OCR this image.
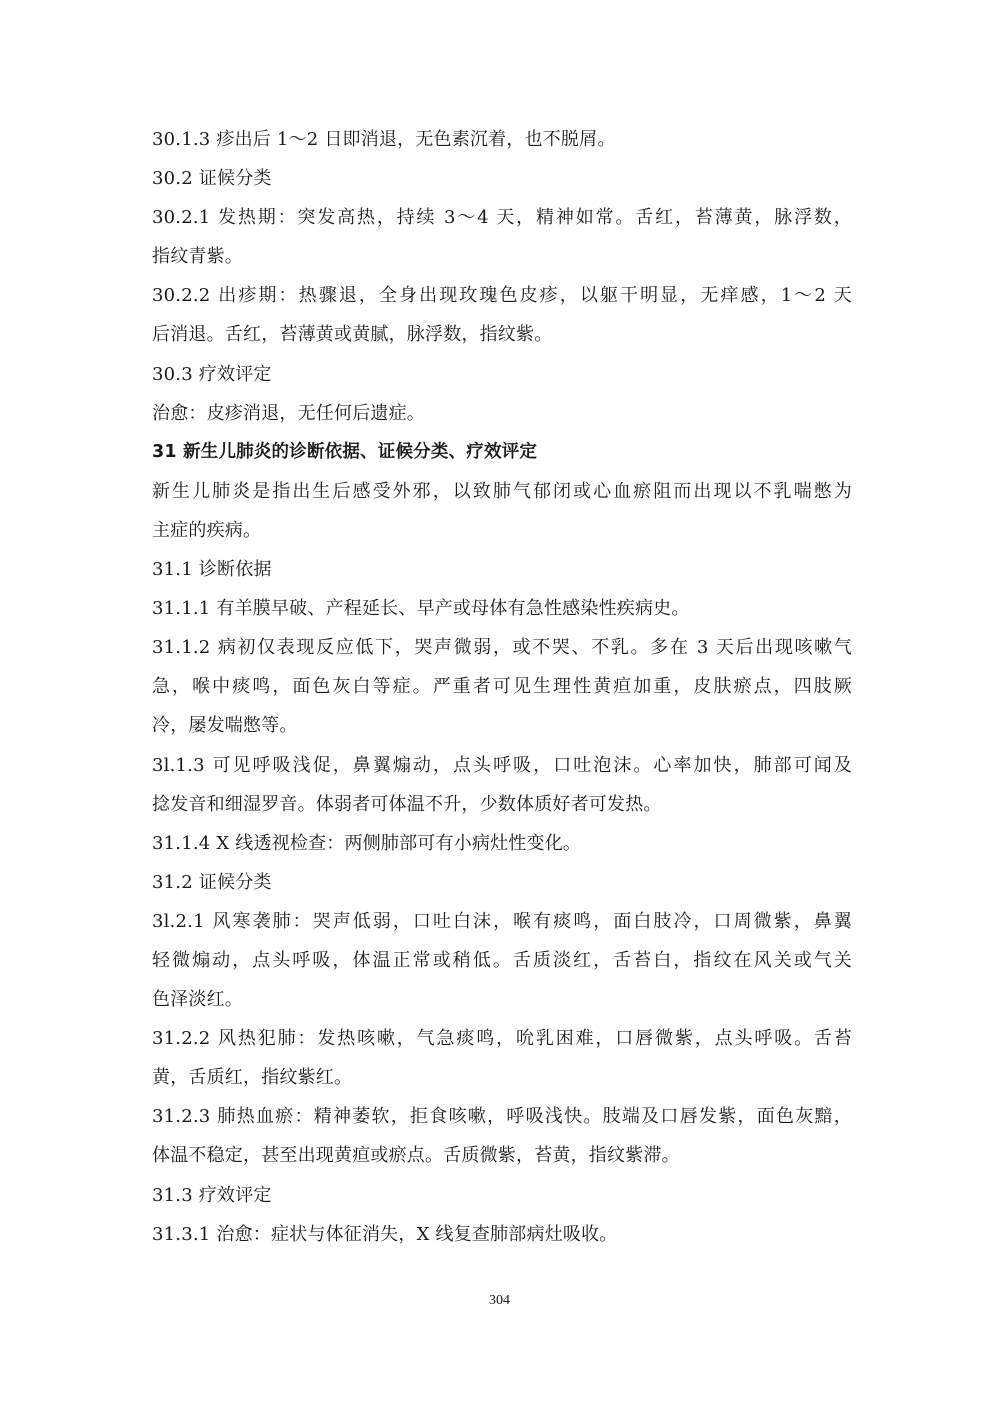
30.1.3 疹出后 1～2 日即消退，无色素沉着，也不脱屑。
30.2 证候分类
30.2.1 发热期：突发高热，持续 3～4 天，精神如常。舌红，苔薄黄，脉浮数，
指纹青紫。
30.2.2 出疹期：热骤退，全身出现玫瑰色皮疹，以躯干明显，无痒感，1～2 天
后消退。舌红，苔薄黄或黄腻，脉浮数，指纹紫。
30.3 疗效评定
治愈：皮疹消退，无任何后遗症。
31 新生儿肺炎的诊断依据、证候分类、疗效评定
新生儿肺炎是指出生后感受外邪，以致肺气郁闭或心血瘀阻而出现以不乳喘憋为
主症的疾病。
31.1 诊断依据
31.1.1 有羊膜早破、产程延长、早产或母体有急性感染性疾病史。
31.1.2 病初仅表现反应低下，哭声微弱，或不哭、不乳。多在 3 天后出现咳嗽气
急，喉中痰鸣，面色灰白等症。严重者可见生理性黄疸加重，皮肤瘀点，四肢厥
冷，屡发喘憋等。
3l.1.3 可见呼吸浅促，鼻翼煽动，点头呼吸，口吐泡沫。心率加快，肺部可闻及
捻发音和细湿罗音。体弱者可体温不升，少数体质好者可发热。
31.1.4 X 线透视检查：两侧肺部可有小病灶性变化。
31.2 证候分类
3l.2.1 风寒袭肺：哭声低弱，口吐白沫，喉有痰鸣，面白肢冷，口周微紫，鼻翼
轻微煽动，点头呼吸，体温正常或稍低。舌质淡红，舌苔白，指纹在风关或气关
色泽淡红。
31.2.2 风热犯肺：发热咳嗽，气急痰鸣，吮乳困难，口唇微紫，点头呼吸。舌苔
黄，舌质红，指纹紫红。
31.2.3 肺热血瘀：精神萎软，拒食咳嗽，呼吸浅快。肢端及口唇发紫，面色灰黯，
体温不稳定，甚至出现黄疸或瘀点。舌质微紫，苔黄，指纹紫滞。
31.3 疗效评定
31.3.1 治愈：症状与体征消失，X 线复查肺部病灶吸收。
304
